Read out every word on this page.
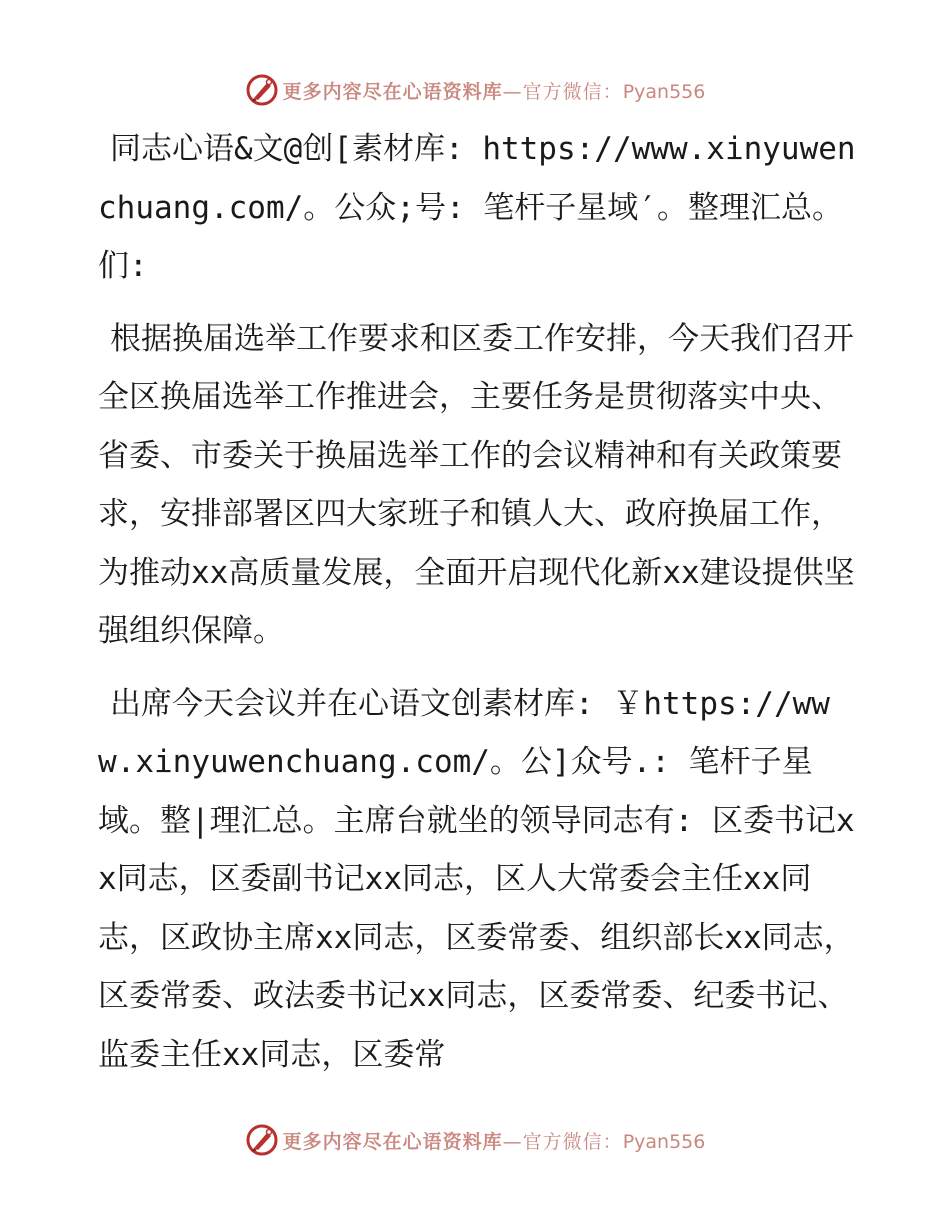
更多内容尽在心语资料库—官方微信：Pyan556

同志心语&文@创[素材库: https://www.xinyuwenchuang.com/。公众;号: 笔杆子星域′。整理汇总。们:

根据换届选举工作要求和区委工作安排，今天我们召开全区换届选举工作推进会，主要任务是贯彻落实中央、省委、市委关于换届选举工作的会议精神和有关政策要求，安排部署区四大家班子和镇人大、政府换届工作，为推动xx高质量发展，全面开启现代化新xx建设提供坚强组织保障。

出席今天会议并在心语文创素材库: ￥https://www.xinyuwenchuang.com/。公]众号.: 笔杆子星域。整|理汇总。主席台就坐的领导同志有: 区委书记xx同志，区委副书记xx同志，区人大常委会主任xx同志，区政协主席xx同志，区委常委、组织部长xx同志，区委常委、政法委书记xx同志，区委常委、纪委书记、监委主任xx同志，区委常

更多内容尽在心语资料库—官方微信：Pyan556
